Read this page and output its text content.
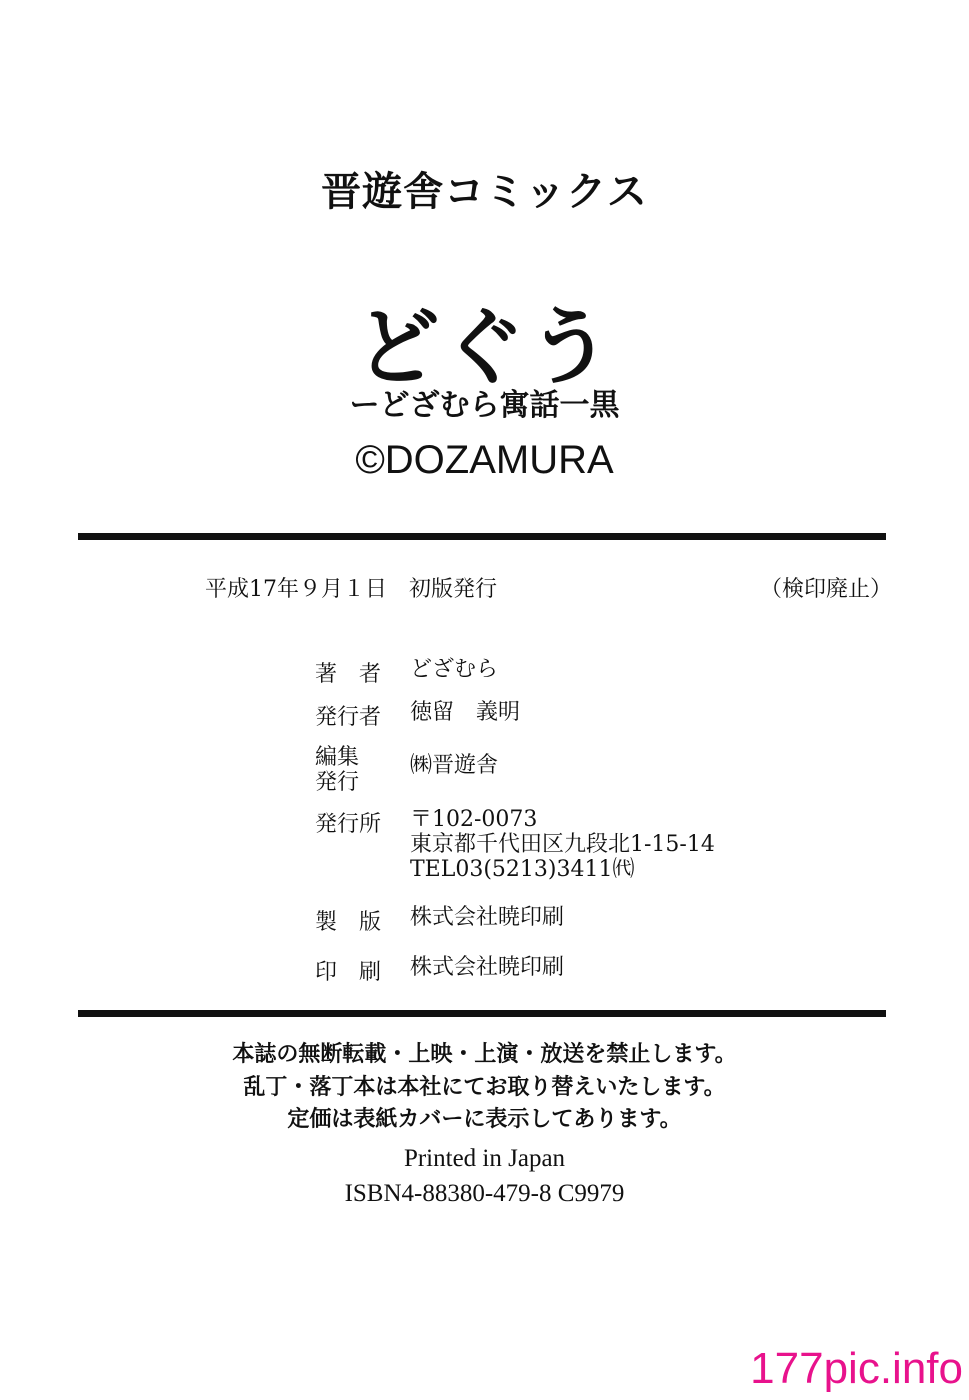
晋遊舎コミックス
どぐう
ーどざむら寓話一黒
©DOZAMURA
平成17年９月１日　初版発行	（検印廃止）
著　者 どざむら
発行者 徳留　義明
編集
発行
㈱晋遊舎
発行所 〒102-0073
東京都千代田区九段北1-15-14
TEL03(5213)3411㈹
製　版 株式会社暁印刷
印　刷 株式会社暁印刷
本誌の無断転載・上映・上演・放送を禁止します。
乱丁・落丁本は本社にてお取り替えいたします。
定価は表紙カバーに表示してあります。
Printed in Japan
ISBN4-88380-479-8 C9979
177pic.info
